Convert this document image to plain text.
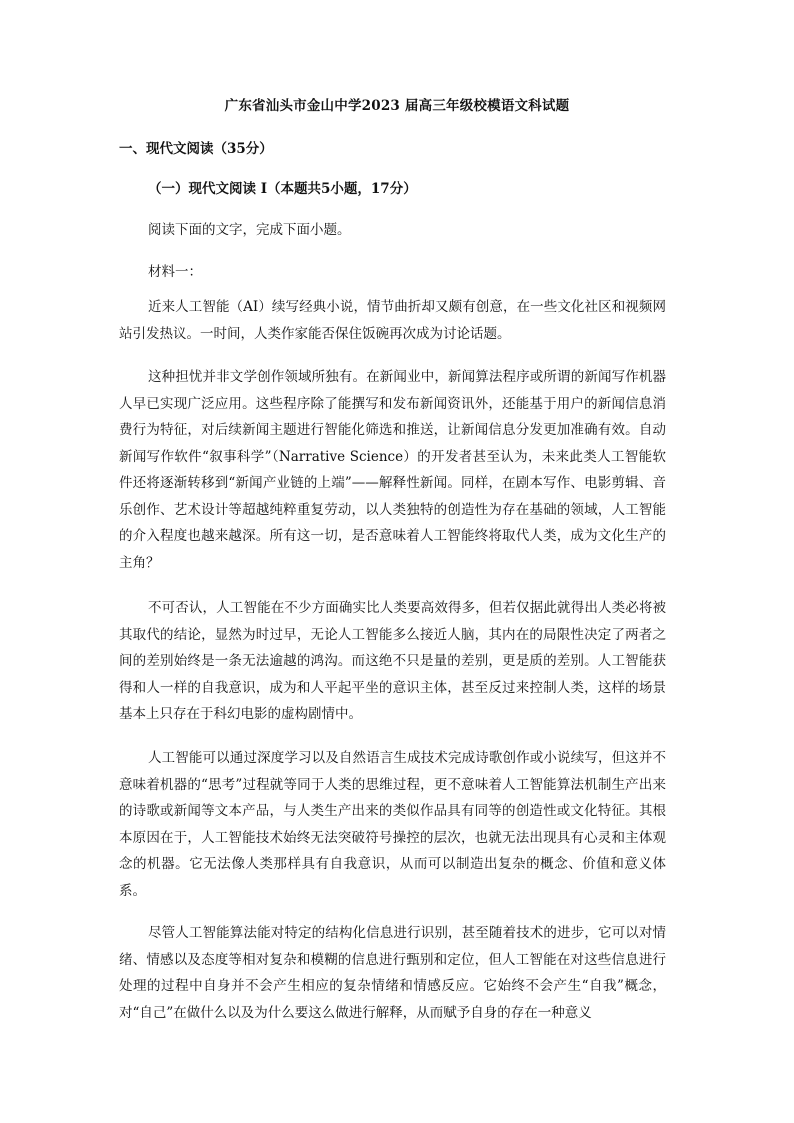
广东省汕头市金山中学2023 届高三年级校模语文科试题
一、现代文阅读（35分）
（一）现代文阅读 I（本题共5小题，17分）
阅读下面的文字，完成下面小题。
材料一：

近来人工智能（AI）续写经典小说，情节曲折却又颇有创意，在一些文化社区和视频网站引发热议。一时间，人类作家能否保住饭碗再次成为讨论话题。

这种担忧并非文学创作领域所独有。在新闻业中，新闻算法程序或所谓的新闻写作机器人早已实现广泛应用。这些程序除了能撰写和发布新闻资讯外，还能基于用户的新闻信息消费行为特征，对后续新闻主题进行智能化筛选和推送，让新闻信息分发更加准确有效。自动新闻写作软件“叙事科学”（Narrative Science）的开发者甚至认为，未来此类人工智能软件还将逐渐转移到“新闻产业链的上端”——解释性新闻。同样，在剧本写作、电影剪辑、音乐创作、艺术设计等超越纯粹重复劳动，以人类独特的创造性为存在基础的领域，人工智能的介入程度也越来越深。所有这一切，是否意味着人工智能终将取代人类，成为文化生产的主角？

不可否认，人工智能在不少方面确实比人类要高效得多，但若仅据此就得出人类必将被其取代的结论，显然为时过早，无论人工智能多么接近人脑，其内在的局限性决定了两者之间的差别始终是一条无法逾越的鸿沟。而这绝不只是量的差别，更是质的差别。人工智能获得和人一样的自我意识，成为和人平起平坐的意识主体，甚至反过来控制人类，这样的场景基本上只存在于科幻电影的虚构剧情中。

人工智能可以通过深度学习以及自然语言生成技术完成诗歌创作或小说续写，但这并不意味着机器的“思考”过程就等同于人类的思维过程，更不意味着人工智能算法机制生产出来的诗歌或新闻等文本产品，与人类生产出来的类似作品具有同等的创造性或文化特征。其根本原因在于，人工智能技术始终无法突破符号操控的层次，也就无法出现具有心灵和主体观念的机器。它无法像人类那样具有自我意识，从而可以制造出复杂的概念、价值和意义体系。

尽管人工智能算法能对特定的结构化信息进行识别，甚至随着技术的进步，它可以对情绪、情感以及态度等相对复杂和模糊的信息进行甄别和定位，但人工智能在对这些信息进行处理的过程中自身并不会产生相应的复杂情绪和情感反应。它始终不会产生“自我”概念，对“自己”在做什么以及为什么要这么做进行解释，从而赋予自身的存在一种意义
